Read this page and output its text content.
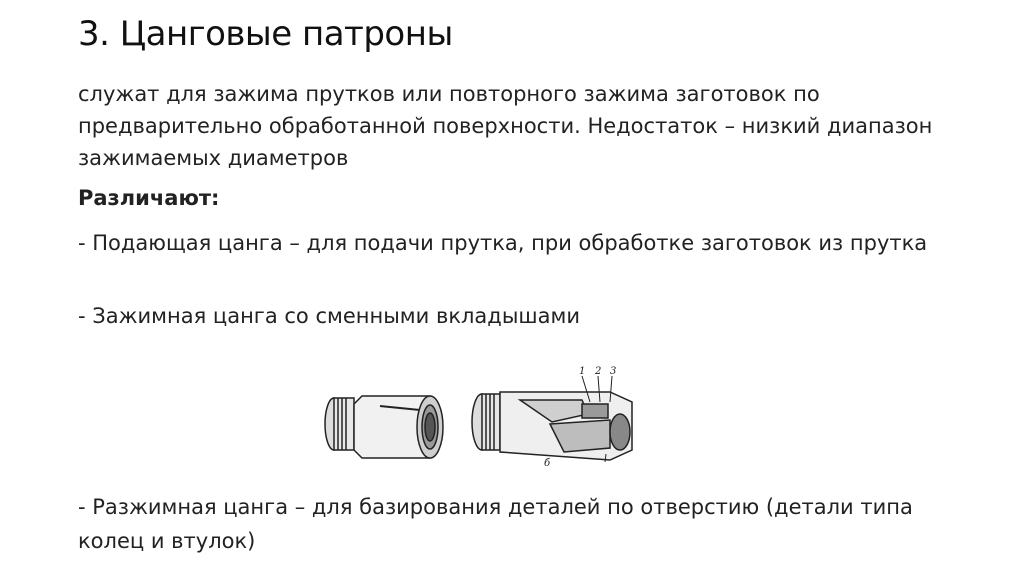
3. Цанговые патроны
служат для зажима прутков или повторного зажима заготовок по предварительно обработанной поверхности. Недостаток – низкий диапазон зажимаемых диаметров
Различают:
- Подающая цанга – для подачи прутка, при обработке заготовок из прутка
- Зажимная цанга со сменными вкладышами
1 2 3
б
- Разжимная цанга – для базирования деталей по отверстию (детали типа колец и втулок)
